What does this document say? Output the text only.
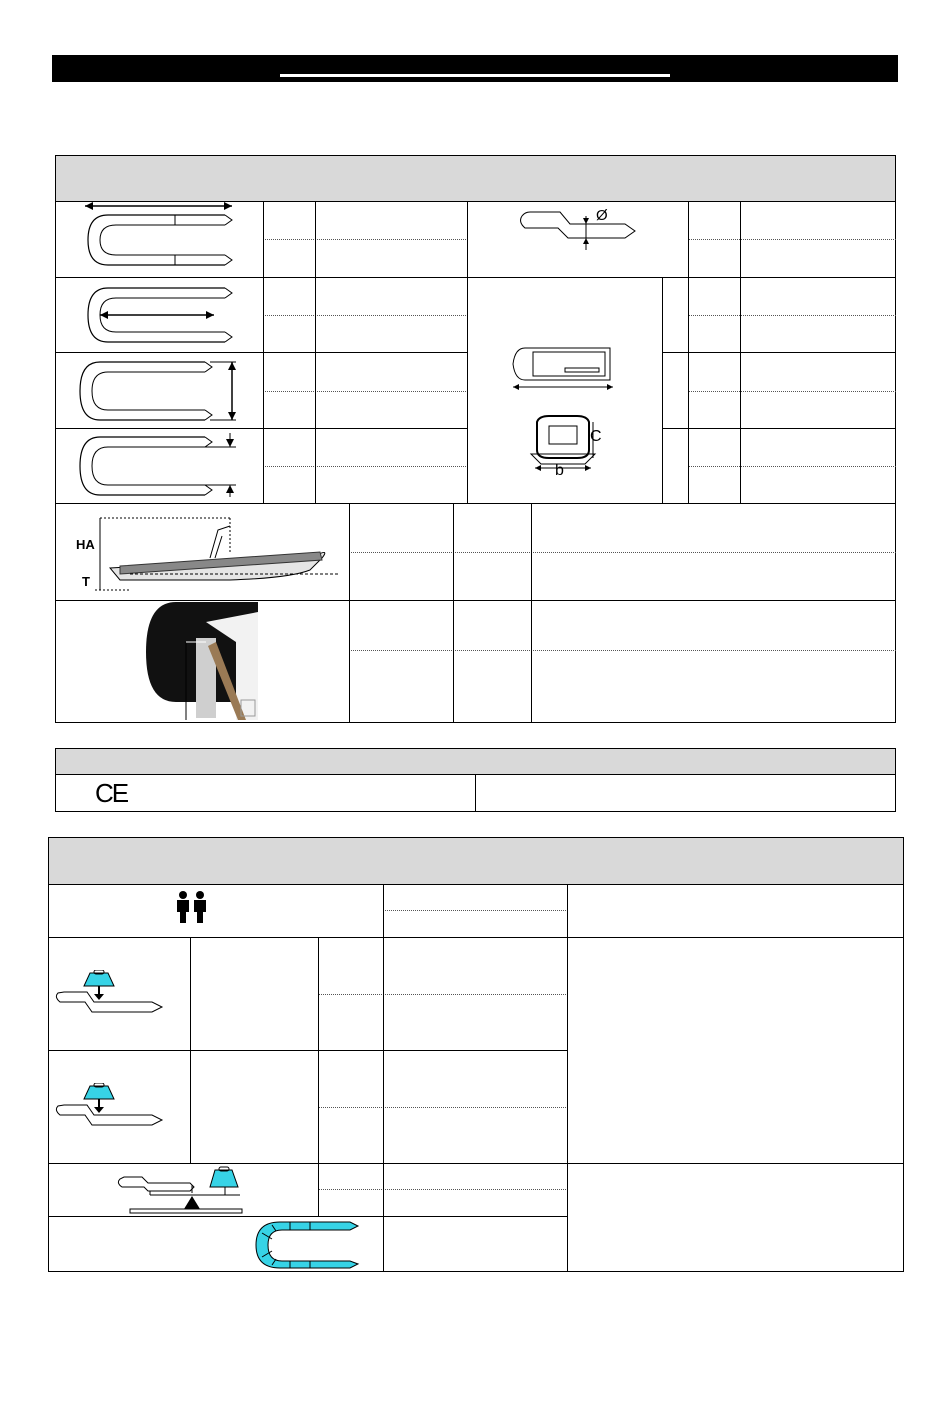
Ø
C
b
HA
T
CE
